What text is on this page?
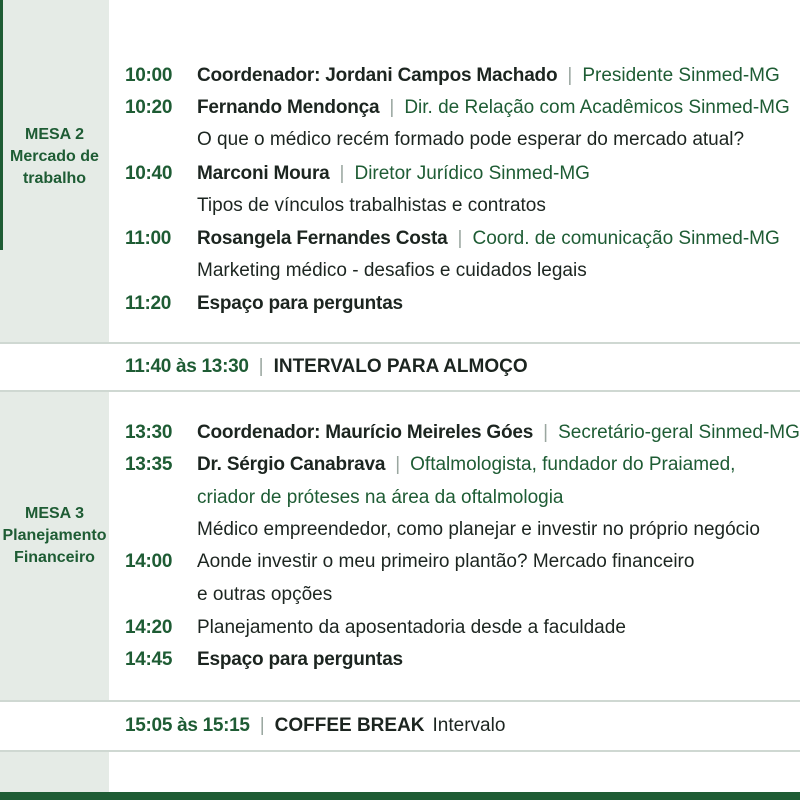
MESA 2
Mercado de
trabalho
10:00	Coordenador: Jordani Campos Machado | Presidente Sinmed-MG
10:20	Fernando Mendonça | Dir. de Relação com Acadêmicos Sinmed-MG
O que o médico recém formado pode esperar do mercado atual?
10:40	Marconi Moura | Diretor Jurídico Sinmed-MG
Tipos de vínculos trabalhistas e contratos
11:00	Rosangela Fernandes Costa | Coord. de comunicação Sinmed-MG
Marketing médico - desafios e cuidados legais
11:20	Espaço para perguntas
11:40 às 13:30 | INTERVALO PARA ALMOÇO
MESA 3
Planejamento
Financeiro
13:30	Coordenador: Maurício Meireles Góes | Secretário-geral Sinmed-MG
13:35	Dr. Sérgio Canabrava | Oftalmologista, fundador do Praiamed,
criador de próteses na área da oftalmologia
Médico empreendedor, como planejar e investir no próprio negócio
14:00	Aonde investir o meu primeiro plantão? Mercado financeiro
e outras opções
14:20	Planejamento da aposentadoria desde a faculdade
14:45	Espaço para perguntas
15:05 às 15:15 | COFFEE BREAK Intervalo
